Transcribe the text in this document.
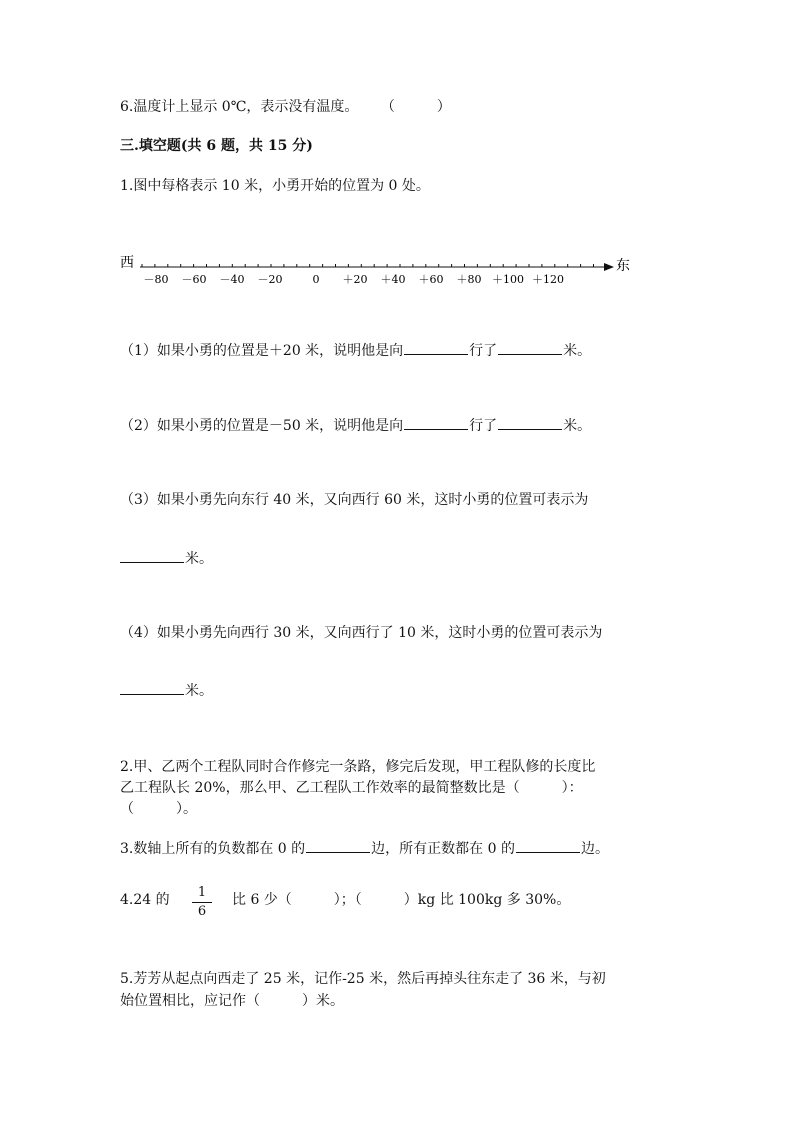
6.温度计上显示 0℃，表示没有温度。 （　　　）
三.填空题(共 6 题，共 15 分)
1.图中每格表示 10 米，小勇开始的位置为 0 处。
西	东
－80 －60 －40 －20	0 ＋20 ＋40 ＋60 ＋80 ＋100 ＋120
（1）如果小勇的位置是＋20 米，说明他是向	行了	米。
（2）如果小勇的位置是－50 米，说明他是向	行了	米。
（3）如果小勇先向东行 40 米，又向西行 60 米，这时小勇的位置可表示为
米。
（4）如果小勇先向西行 30 米，又向西行了 10 米，这时小勇的位置可表示为
米。
2.甲、乙两个工程队同时合作修完一条路，修完后发现，甲工程队修的长度比
乙工程队长 20%，那么甲、乙工程队工作效率的最简整数比是（　　　）：
（　　　）。
3.数轴上所有的负数都在 0 的	边，所有正数都在 0 的	边。
4.24 的	1
6
比 6 少（　　　）；（　　　）kg 比 100kg 多 30%。
5.芳芳从起点向西走了 25 米，记作-25 米，然后再掉头往东走了 36 米，与初
始位置相比，应记作（　　　）米。
